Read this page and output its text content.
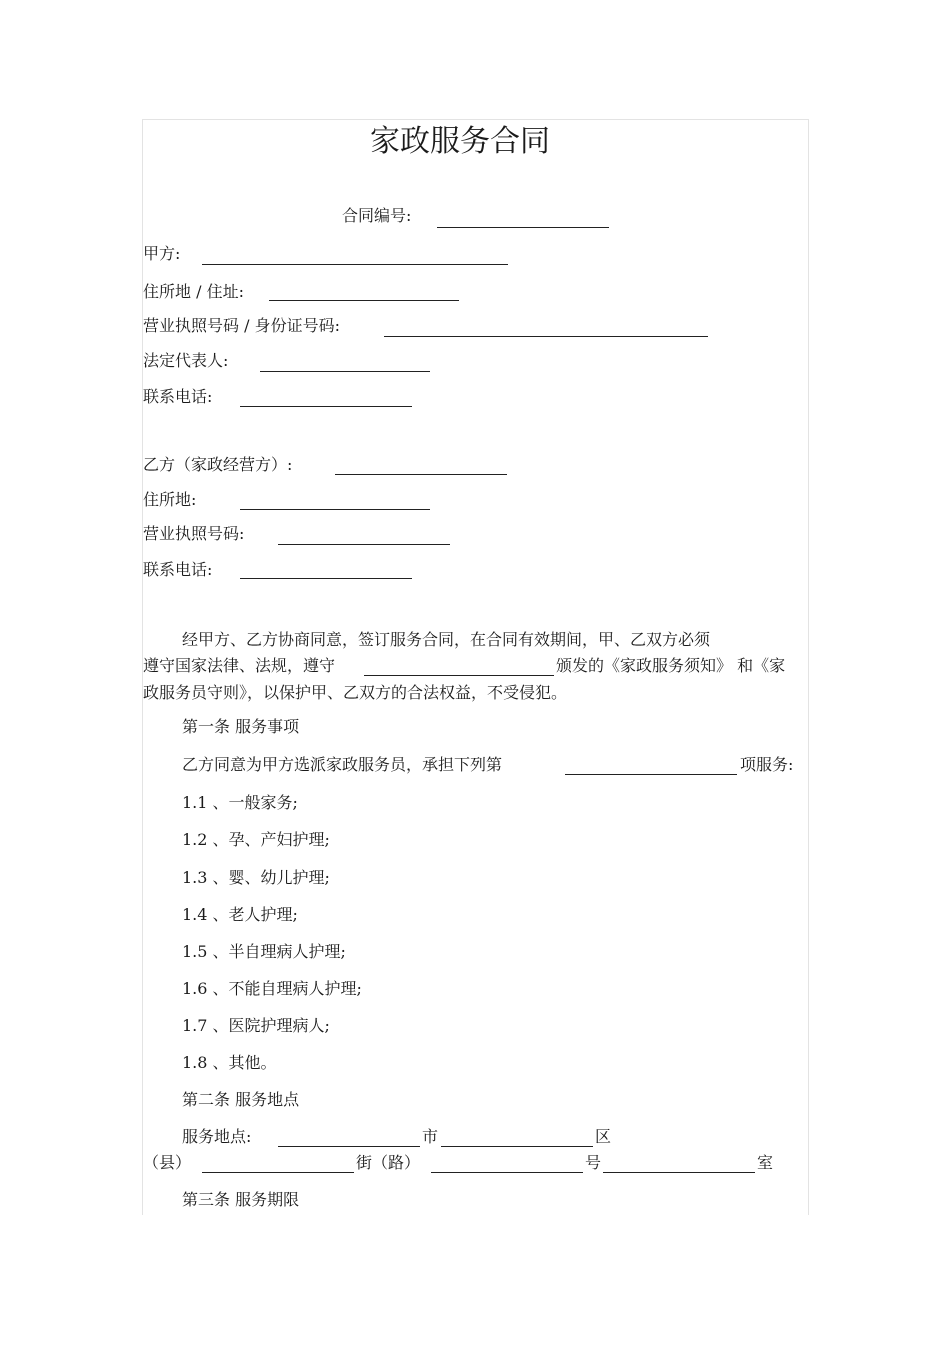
家政服务合同
合同编号:
甲方:
住所地 / 住址:
营业执照号码 / 身份证号码:
法定代表人:
联系电话:
乙方（家政经营方）:
住所地:
营业执照号码:
联系电话:
经甲方、乙方协商同意，签订服务合同，在合同有效期间，甲、乙双方必须
遵守国家法律、法规，遵守	颁发的《家政服务须知》 和《家
政服务员守则》，以保护甲、乙双方的合法权益，不受侵犯。
第一条 服务事项
乙方同意为甲方选派家政服务员，承担下列第	项服务:
1.1 、一般家务;
1.2 、孕、产妇护理;
1.3 、婴、幼儿护理;
1.4 、老人护理;
1.5 、半自理病人护理;
1.6 、不能自理病人护理;
1.7 、医院护理病人;
1.8 、其他。
第二条 服务地点
服务地点:	市	区
（县）	街（路）	号	室
第三条 服务期限
